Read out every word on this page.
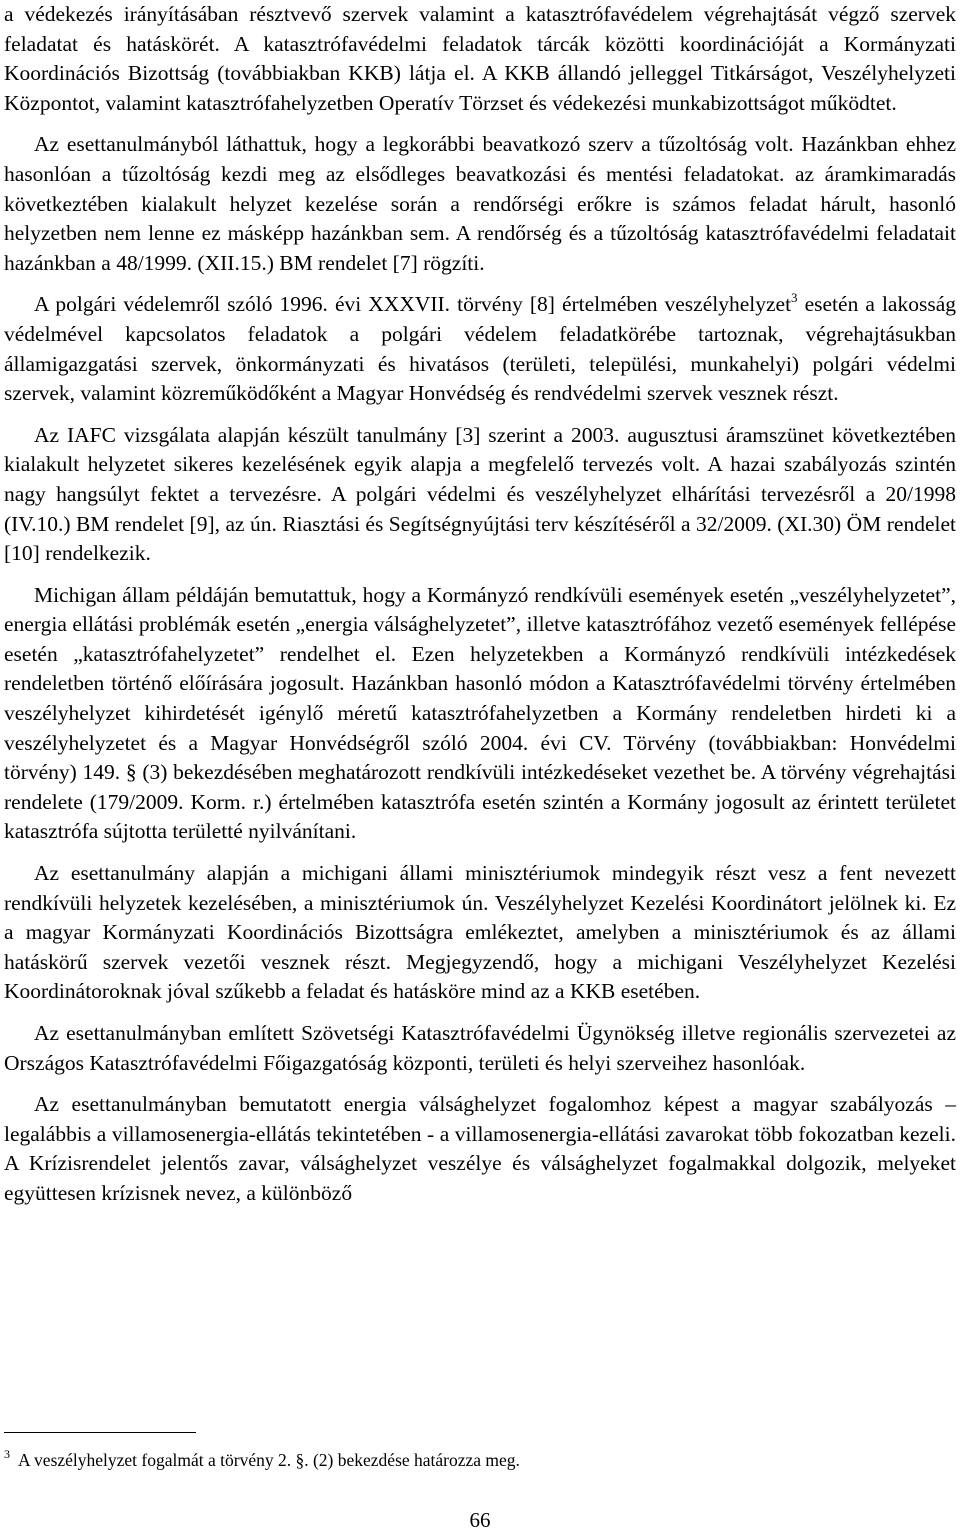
a védekezés irányításában résztvevő szervek valamint a katasztrófavédelem végrehajtását végző szervek feladatat és hatáskörét. A katasztrófavédelmi feladatok tárcák közötti koordinációját a Kormányzati Koordinációs Bizottság (továbbiakban KKB) látja el. A KKB állandó jelleggel Titkárságot, Veszélyhelyzeti Központot, valamint katasztrófahelyzetben Operatív Törzset és védekezési munkabizottságot működtet.

Az esettanulmányból láthattuk, hogy a legkorábbi beavatkozó szerv a tűzoltóság volt. Hazánkban ehhez hasonlóan a tűzoltóság kezdi meg az elsődleges beavatkozási és mentési feladatokat. az áramkimaradás következtében kialakult helyzet kezelése során a rendőrségi erőkre is számos feladat hárult, hasonló helyzetben nem lenne ez másképp hazánkban sem. A rendőrség és a tűzoltóság katasztrófavédelmi feladatait hazánkban a 48/1999. (XII.15.) BM rendelet [7] rögzíti.

A polgári védelemről szóló 1996. évi XXXVII. törvény [8] értelmében veszélyhelyzet$^3$ esetén a lakosság védelmével kapcsolatos feladatok a polgári védelem feladatkörébe tartoznak, végrehajtásukban államigazgatási szervek, önkormányzati és hivatásos (területi, települési, munkahelyi) polgári védelmi szervek, valamint közreműködőként a Magyar Honvédség és rendvédelmi szervek vesznek részt.

Az IAFC vizsgálata alapján készült tanulmány [3] szerint a 2003. augusztusi áramszünet következtében kialakult helyzetet sikeres kezelésének egyik alapja a megfelelő tervezés volt. A hazai szabályozás szintén nagy hangsúlyt fektet a tervezésre. A polgári védelmi és veszélyhelyzet elhárítási tervezésről a 20/1998 (IV.10.) BM rendelet [9], az ún. Riasztási és Segítségnyújtási terv készítéséről a 32/2009. (XI.30) ÖM rendelet [10] rendelkezik.

Michigan állam példáján bemutattuk, hogy a Kormányzó rendkívüli események esetén „veszélyhelyzetet”, energia ellátási problémák esetén „energia válsághelyzetet”, illetve katasztrófához vezető események fellépése esetén „katasztrófahelyzetet” rendelhet el. Ezen helyzetekben a Kormányzó rendkívüli intézkedések rendeletben történő előírására jogosult. Hazánkban hasonló módon a Katasztrófavédelmi törvény értelmében veszélyhelyzet kihirdetését igénylő méretű katasztrófahelyzetben a Kormány rendeletben hirdeti ki a veszélyhelyzetet és a Magyar Honvédségről szóló 2004. évi CV. Törvény (továbbiakban: Honvédelmi törvény) 149. § (3) bekezdésében meghatározott rendkívüli intézkedéseket vezethet be. A törvény végrehajtási rendelete (179/2009. Korm. r.) értelmében katasztrófa esetén szintén a Kormány jogosult az érintett területet katasztrófa sújtotta területté nyilvánítani.

Az esettanulmány alapján a michigani állami minisztériumok mindegyik részt vesz a fent nevezett rendkívüli helyzetek kezelésében, a minisztériumok ún. Veszélyhelyzet Kezelési Koordinátort jelölnek ki. Ez a magyar Kormányzati Koordinációs Bizottságra emlékeztet, amelyben a minisztériumok és az állami hatáskörű szervek vezetői vesznek részt. Megjegyzendő, hogy a michigani Veszélyhelyzet Kezelési Koordinátoroknak jóval szűkebb a feladat és hatásköre mind az a KKB esetében.

Az esettanulmányban említett Szövetségi Katasztrófavédelmi Ügynökség illetve regionális szervezetei az Országos Katasztrófavédelmi Főigazgatóság központi, területi és helyi szerveihez hasonlóak.

Az esettanulmányban bemutatott energia válsághelyzet fogalomhoz képest a magyar szabályozás – legalábbis a villamosenergia-ellátás tekintetében - a villamosenergia-ellátási zavarokat több fokozatban kezeli. A Krízisrendelet jelentős zavar, válsághelyzet veszélye és válsághelyzet fogalmakkal dolgozik, melyeket együttesen krízisnek nevez, a különböző

$^3$ A veszélyhelyzet fogalmát a törvény 2. §. (2) bekezdése határozza meg.
66
